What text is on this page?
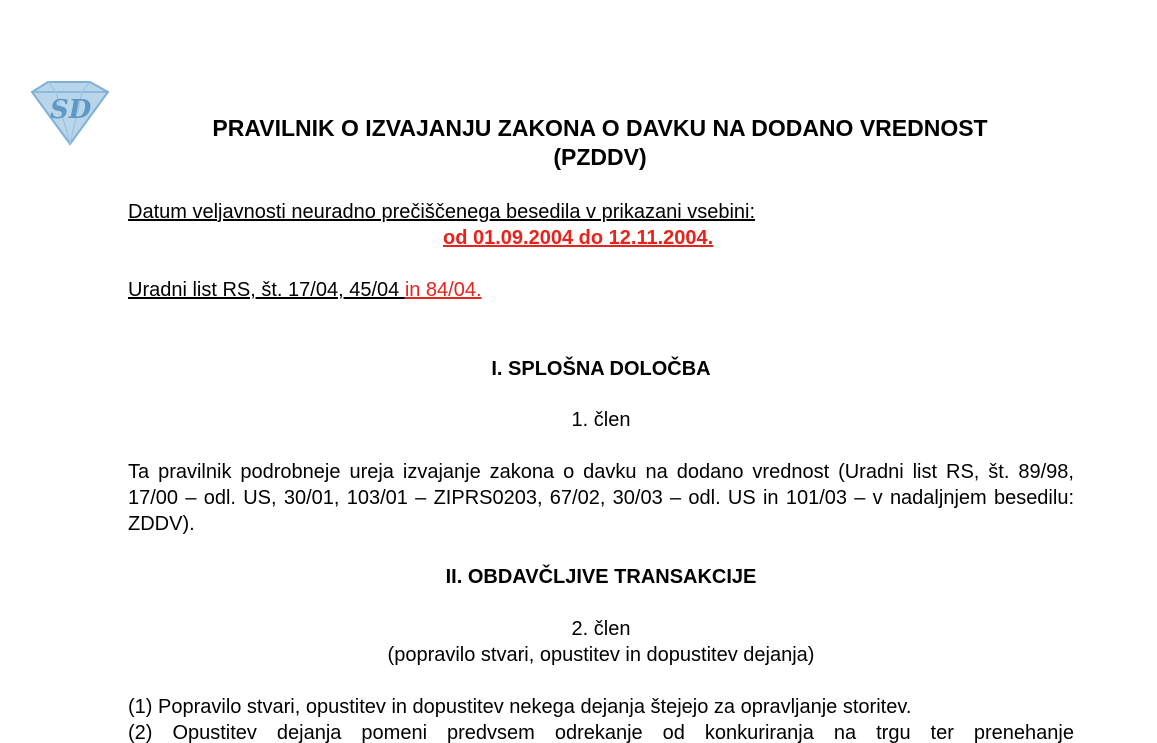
SD
PRAVILNIK O IZVAJANJU ZAKONA O DAVKU NA DODANO VREDNOST
(PZDDV)
Datum veljavnosti neuradno prečiščenega besedila v prikazani vsebini:
od 01.09.2004 do 12.11.2004.
Uradni list RS, št. 17/04, 45/04 in 84/04.
I. SPLOŠNA DOLOČBA
1. člen
Ta pravilnik podrobneje ureja izvajanje zakona o davku na dodano vrednost (Uradni list RS, št. 89/98, 17/00 – odl. US, 30/01, 103/01 – ZIPRS0203, 67/02, 30/03 – odl. US in 101/03 – v nadaljnjem besedilu: ZDDV).
II. OBDAVČLJIVE TRANSAKCIJE
2. člen
(popravilo stvari, opustitev in dopustitev dejanja)
(1) Popravilo stvari, opustitev in dopustitev nekega dejanja štejejo za opravljanje storitev.
(2) Opustitev dejanja pomeni predvsem odrekanje od konkuriranja na trgu ter prenehanje
